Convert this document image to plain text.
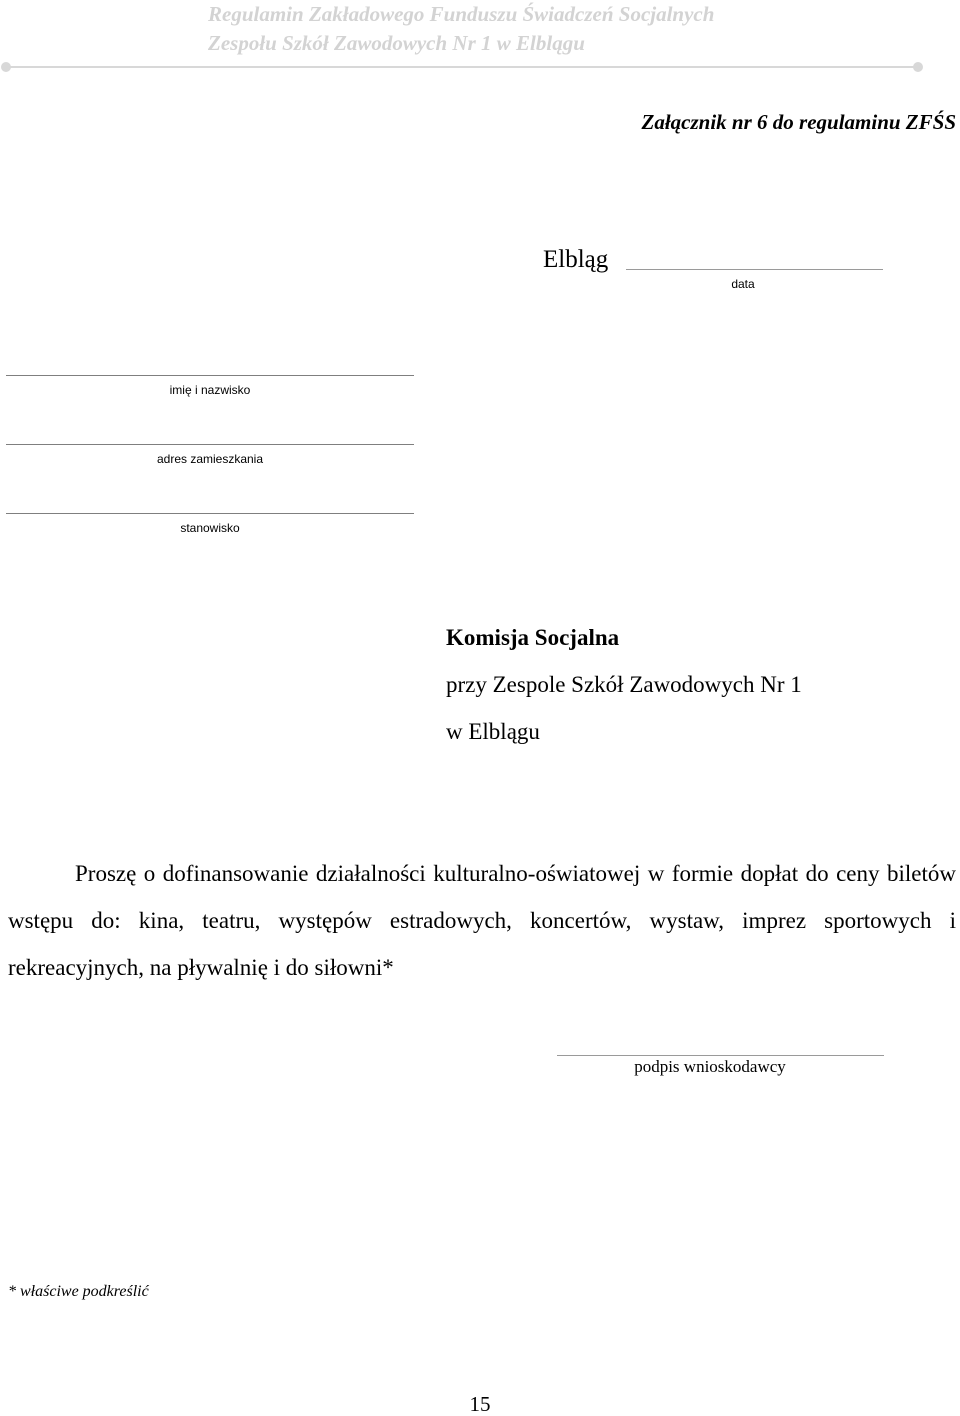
Regulamin Zakładowego Funduszu Świadczeń Socjalnych
Zespołu Szkół Zawodowych Nr 1 w Elblągu
Załącznik nr 6 do regulaminu ZFŚS
Elbląg
data
imię i nazwisko
adres zamieszkania
stanowisko
Komisja Socjalna
przy Zespole Szkół Zawodowych Nr 1
w Elblągu
Proszę o dofinansowanie działalności kulturalno-oświatowej w formie dopłat do ceny biletów wstępu do: kina, teatru, występów estradowych, koncertów, wystaw, imprez sportowych i rekreacyjnych, na pływalnię i do siłowni*
podpis wnioskodawcy
* właściwe podkreślić
15
